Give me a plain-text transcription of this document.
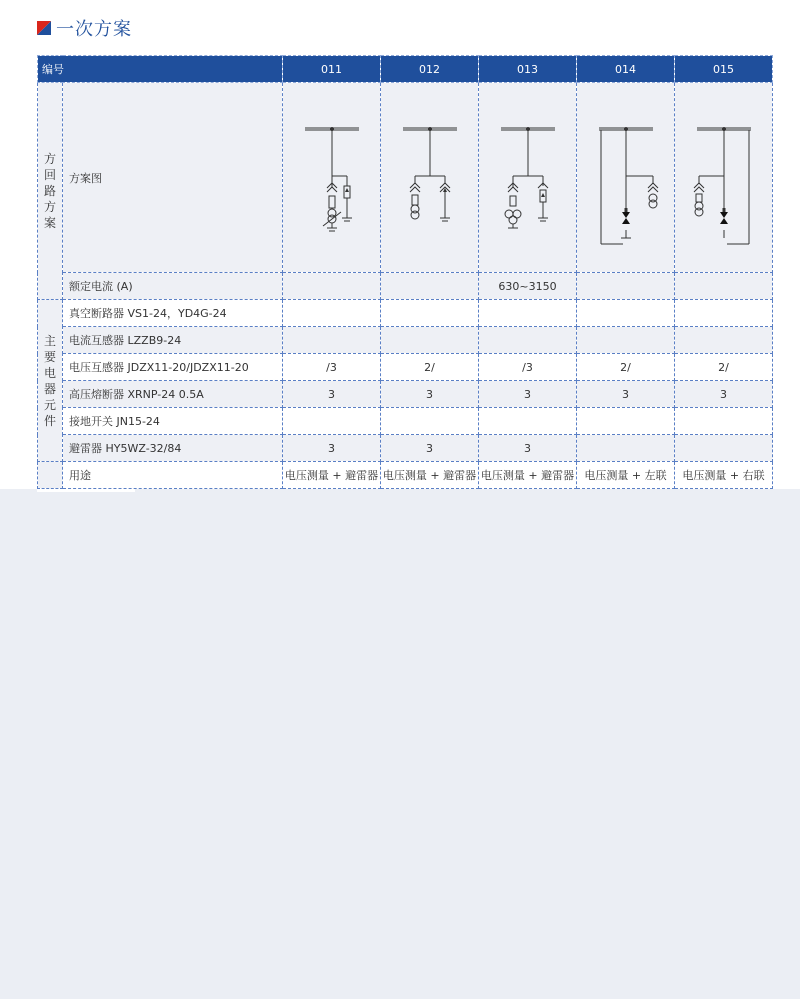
一次方案
编号		011	012	013	014	015
方回路方案	方案图	

	额定电流 (A)			630~3150		
主要电器元件	真空断路器 VS1-24，YD4G-24					
	电流互感器 LZZB9-24					
	电压互感器 JDZX11-20/JDZX11-20	/3	2/	/3	2/	2/
	高压熔断器 XRNP-24 0.5A	3	3	3	3	3
	接地开关 JN15-24					
	避雷器 HY5WZ-32/84	3	3	3		
	用途	电压测量 + 避雷器	电压测量 + 避雷器	电压测量 + 避雷器	电压测量 + 左联	电压测量 + 右联
